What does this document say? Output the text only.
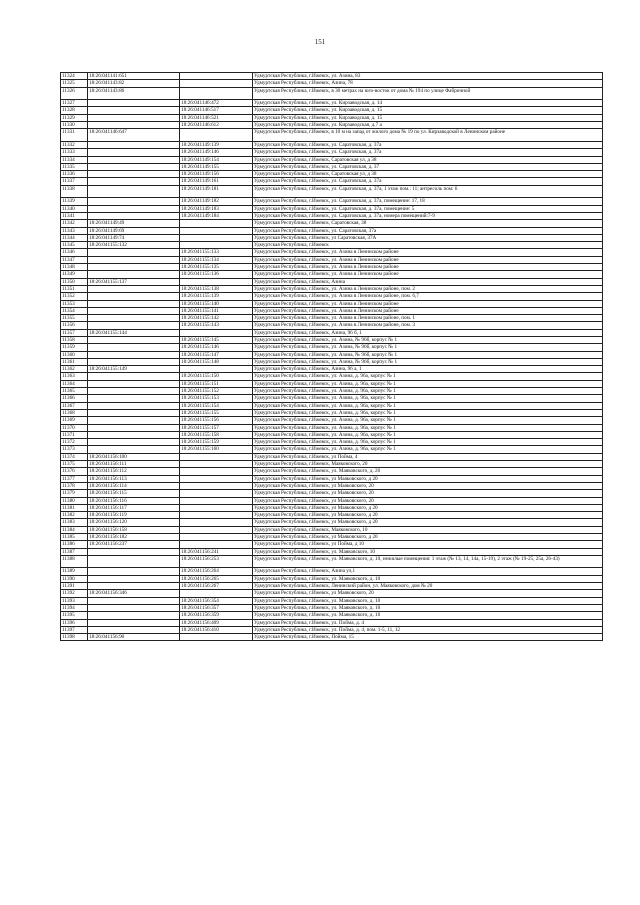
151
11324	18:26:041141:651		Удмуртская Республика, г.Ижевск, ул. Азина, 83
11325	18:26:041143:82		Удмуртская Республика, г.Ижевск, Азина, 78
11326	18:26:041143:86		Удмуртская Республика, г.Ижевск, в 30 метрах на юго-восток от дома № 194 по улице Фабричной
11327		18:26:041146:472	Удмуртская Республика, г.Ижевск, ул. Кирзаводская, д. 14
11328		18:26:041146:517	Удмуртская Республика, г.Ижевск, ул. Кирзаводская, д. 15
11329		18:26:041146:521	Удмуртская Республика, г.Ижевск, ул. Кирзаводская, д. 15
11330		18:26:041146:612	Удмуртская Республика, г.Ижевск, ул. Кирзаводская, д.7 а
11331	18:26:041146:647		Удмуртская Республика, г.Ижевск, в 10 м на запад от жилого дома № 19 по ул. Кирзаводской в Ленинском районе
11332		18:26:041149:139	Удмуртская Республика, г.Ижевск, ул. Саратовская, д. 37а
11333		18:26:041149:146	Удмуртская Республика, г.Ижевск, ул. Саратовская, д. 37а
11334		18:26:041149:154	Удмуртская Республика, г.Ижевск, Саратовская ул, д 38
11335		18:26:041149:155	Удмуртская Республика, г.Ижевск, ул. Саратовская, д. 37
11336		18:26:041149:156	Удмуртская Республика, г.Ижевск, Саратовская ул, д 38
11337		18:26:041149:161	Удмуртская Республика, г.Ижевск, ул. Саратовская, д. 37а
11338		18:26:041149:181	Удмуртская Республика, г.Ижевск, ул. Саратовская, д. 37а, 1 этаж пом.: 11; антресоль пом: 6
11339		18:26:041149:182	Удмуртская Республика, г.Ижевск, ул. Саратовская, д. 37а, помещение: 17, 18
11340		18:26:041149:183	Удмуртская Республика, г.Ижевск, ул. Саратовская, д. 37а, помещение: 5
11341		18:26:041149:184	Удмуртская Республика, г.Ижевск, ул. Саратовская, д. 37а, номера помещений:7-9
11342	18:26:041149:49		Удмуртская Республика, г.Ижевск, Саратовская, 38
11343	18:26:041149:69		Удмуртская Республика, г.Ижевск, ул. Саратовская, 37а
11344	18:26:041149:74		Удмуртская Республика, г.Ижевск, ул Саратовская, 37А
11345	18:26:041155:132		Удмуртская Республика, г.Ижевск
11346		18:26:041155:133	Удмуртская Республика, г.Ижевск, ул. Азина в Ленинском районе
11347		18:26:041155:134	Удмуртская Республика, г.Ижевск, ул. Азина в Ленинском районе
11348		18:26:041155:135	Удмуртская Республика, г.Ижевск, ул. Азина в Ленинском районе
11349		18:26:041155:136	Удмуртская Республика, г.Ижевск, ул. Азина в Ленинском районе
11350	18:26:041155:137		Удмуртская Республика, г.Ижевск, Азина
11351		18:26:041155:138	Удмуртская Республика, г.Ижевск, ул. Азина в Ленинском районе, пом. 2
11352		18:26:041155:139	Удмуртская Республика, г.Ижевск, ул. Азина в Ленинском районе, пом. 6,7
11353		18:26:041155:140	Удмуртская Республика, г.Ижевск, ул. Азина в Ленинском районе
11354		18:26:041155:141	Удмуртская Республика, г.Ижевск, ул. Азина в Ленинском районе
11355		18:26:041155:142	Удмуртская Республика, г.Ижевск, ул. Азина в Ленинском районе, пом. 1
11356		18:26:041155:143	Удмуртская Республика, г.Ижевск, ул. Азина в Ленинском районе, пом. 3
11357	18:26:041155:144		Удмуртская Республика, г.Ижевск, Азина, 96 б, 1
11358		18:26:041155:145	Удмуртская Республика, г.Ижевск, ул. Азина, № 96б, корпус № 1
11359		18:26:041155:146	Удмуртская Республика, г.Ижевск, ул. Азина, № 96б, корпус № 1
11360		18:26:041155:147	Удмуртская Республика, г.Ижевск, ул. Азина, № 96б, корпус № 1
11361		18:26:041155:148	Удмуртская Республика, г.Ижевск, ул. Азина, № 96б, корпус № 1
11362	18:26:041155:149		Удмуртская Республика, г.Ижевск, Азина, 96 а, 1
11363		18:26:041155:150	Удмуртская Республика, г.Ижевск, ул. Азина, д. 96а, корпус № 1
11364		18:26:041155:151	Удмуртская Республика, г.Ижевск, ул. Азина, д. 96а, корпус № 1
11365		18:26:041155:152	Удмуртская Республика, г.Ижевск, ул. Азина, д. 96а, корпус № 1
11366		18:26:041155:153	Удмуртская Республика, г.Ижевск, ул. Азина, д. 96а, корпус № 1
11367		18:26:041155:154	Удмуртская Республика, г.Ижевск, ул. Азина, д. 96а, корпус № 1
11368		18:26:041155:155	Удмуртская Республика, г.Ижевск, ул. Азина, д. 96а, корпус № 1
11369		18:26:041155:156	Удмуртская Республика, г.Ижевск, ул. Азина, д. 96а, корпус № 1
11370		18:26:041155:157	Удмуртская Республика, г.Ижевск, ул. Азина, д. 96а, корпус № 1
11371		18:26:041155:158	Удмуртская Республика, г.Ижевск, ул. Азина, д. 96а, корпус № 1
11372		18:26:041155:159	Удмуртская Республика, г.Ижевск, ул. Азина, д. 96а, корпус № 1
11373		18:26:041155:160	Удмуртская Республика, г.Ижевск, ул. Азина, д. 96а, корпус № 1
11374	18:26:041156:100		Удмуртская Республика, г.Ижевск, ул Пойма, 4
11375	18:26:041156:111		Удмуртская Республика, г.Ижевск, Маяковского, 20
11376	18:26:041156:112		Удмуртская Республика, г.Ижевск, ул. Маяковского, д. 20
11377	18:26:041156:113		Удмуртская Республика, г.Ижевск, ул Маяковского, д 20
11378	18:26:041156:114		Удмуртская Республика, г.Ижевск, ул Маяковского, 20
11379	18:26:041156:115		Удмуртская Республика, г.Ижевск, ул Маяковского, 20
11380	18:26:041156:116		Удмуртская Республика, г.Ижевск, ул Маяковского, 20
11381	18:26:041156:117		Удмуртская Республика, г.Ижевск, ул Маяковского, д 20
11382	18:26:041156:119		Удмуртская Республика, г.Ижевск, ул Маяковского, д 20
11383	18:26:041156:120		Удмуртская Республика, г.Ижевск, ул Маяковского, д 20
11384	18:26:041156:158		Удмуртская Республика, г.Ижевск, Маяковского, 10
11385	18:26:041156:182		Удмуртская Республика, г.Ижевск, ул Маяковского, д 20
11386	18:26:041156:237		Удмуртская Республика, г.Ижевск, ул Пойма, д 10
11387		18:26:041156:241	Удмуртская Республика, г.Ижевск, ул. Маяковского, 10
11388		18:26:041156:253	Удмуртская Республика, г.Ижевск, ул. Маяковского, д. 10, нежилые помещения: 1 этаж (№ 13, 14, 14а, 15-19), 2 этаж (№ 19-25, 25а, 26-43)
11389		18:26:041156:264	Удмуртская Республика, г.Ижевск, Азина ул,1
11390		18:26:041156:265	Удмуртская Республика, г.Ижевск, ул. Маяковского, д. 10
11391		18:26:041156:267	Удмуртская Республика, г.Ижевск, Ленинский район, ул. Маяковского, дом № 20
11392	18:26:041156:346		Удмуртская Республика, г.Ижевск, ул Маяковского, 20
11393		18:26:041156:354	Удмуртская Республика, г.Ижевск, ул. Маяковского, д. 10
11394		18:26:041156:357	Удмуртская Республика, г.Ижевск, ул. Маяковского, д. 10
11395		18:26:041156:359	Удмуртская Республика, г.Ижевск, ул. Маяковского, д. 10
11396		18:26:041156:409	Удмуртская Республика, г.Ижевск, ул. Пойма, д. 4
11397		18:26:041156:410	Удмуртская Республика, г.Ижевск, ул. Пойма, д. 4, пом. 1-5, 11, 12
11398	18:26:041156:90		Удмуртская Республика, г.Ижевск, Пойма, 15
